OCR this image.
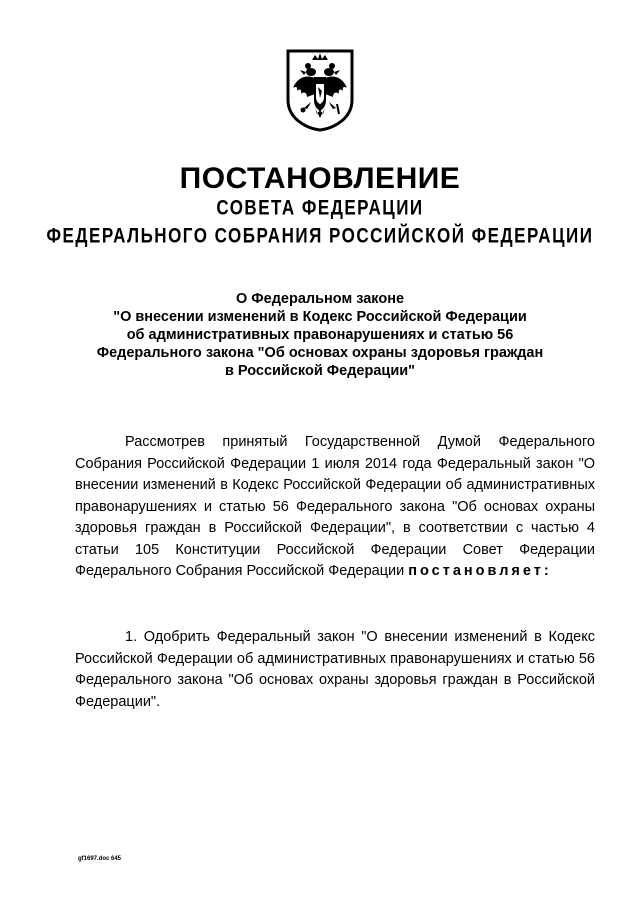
ПОСТАНОВЛЕНИЕ
СОВЕТА ФЕДЕРАЦИИ
ФЕДЕРАЛЬНОГО СОБРАНИЯ РОССИЙСКОЙ ФЕДЕРАЦИИ
О Федеральном законе
"О внесении изменений в Кодекс Российской Федерации
об административных правонарушениях и статью 56
Федерального закона "Об основах охраны здоровья граждан
в Российской Федерации"

Рассмотрев принятый Государственной Думой Федерального Собрания Российской Федерации 1 июля 2014 года Федеральный закон "О внесении изменений в Кодекс Российской Федерации об административных правонарушениях и статью 56 Федерального закона "Об основах охраны здоровья граждан в Российской Федерации", в соответствии с частью 4 статьи 105 Конституции Российской Федерации Совет Федерации Федерального Собрания Российской Федерации постановляет:

1. Одобрить Федеральный закон "О внесении изменений в Кодекс Российской Федерации об административных правонарушениях и статью 56 Федерального закона "Об основах охраны здоровья граждан в Российской Федерации".

gf1697.doc 645
